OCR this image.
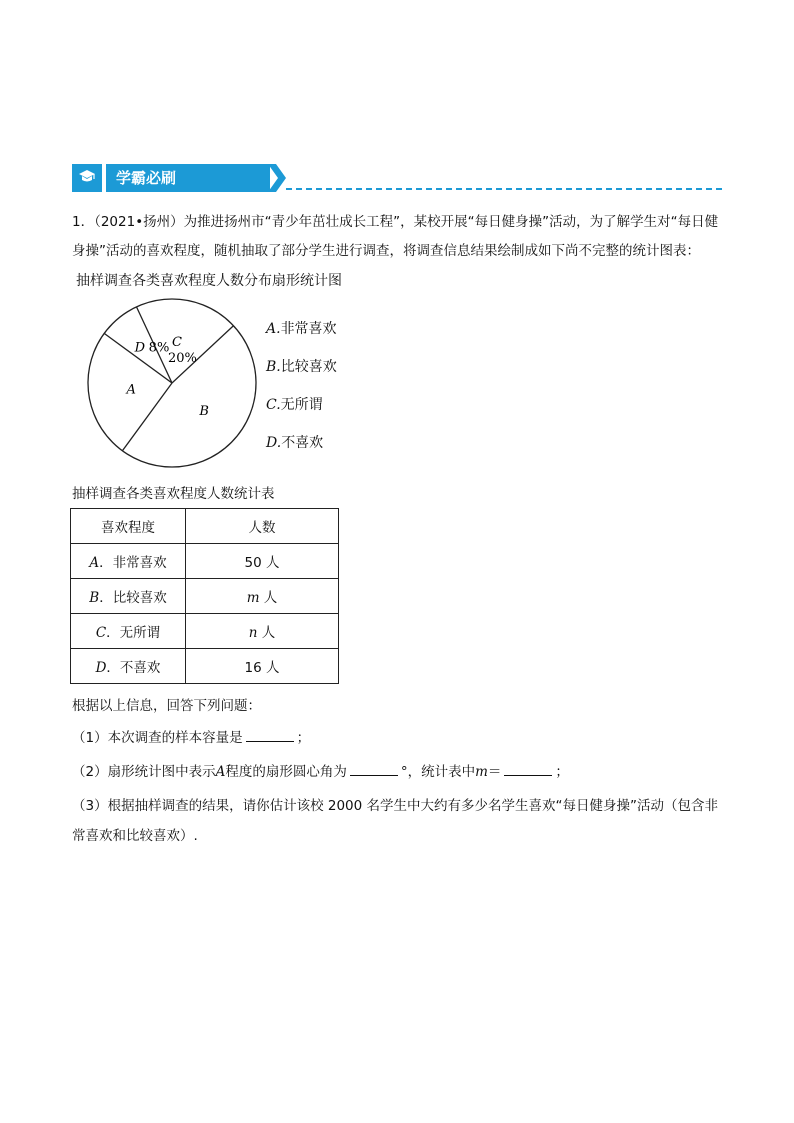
学霸必刷
1．（2021•扬州）为推进扬州市“青少年茁壮成长工程”，某校开展“每日健身操”活动，为了解学生对“每日健身操”活动的喜欢程度，随机抽取了部分学生进行调查，将调查信息结果绘制成如下尚不完整的统计图表：
抽样调查各类喜欢程度人数分布扇形统计图
C
20%
B
A
D 8%
A.非常喜欢
B.比较喜欢
C.无所谓
D.不喜欢
抽样调查各类喜欢程度人数统计表
喜欢程度	人数
A．非常喜欢	50 人
B．比较喜欢	m 人
C．无所谓	n 人
D．不喜欢	16 人
根据以上信息，回答下列问题：
（1）本次调查的样本容量是	；
（2）扇形统计图中表示A程度的扇形圆心角为	°，统计表中m＝	；
（3）根据抽样调查的结果，请你估计该校 2000 名学生中大约有多少名学生喜欢“每日健身操”活动（包含非
常喜欢和比较喜欢）.
